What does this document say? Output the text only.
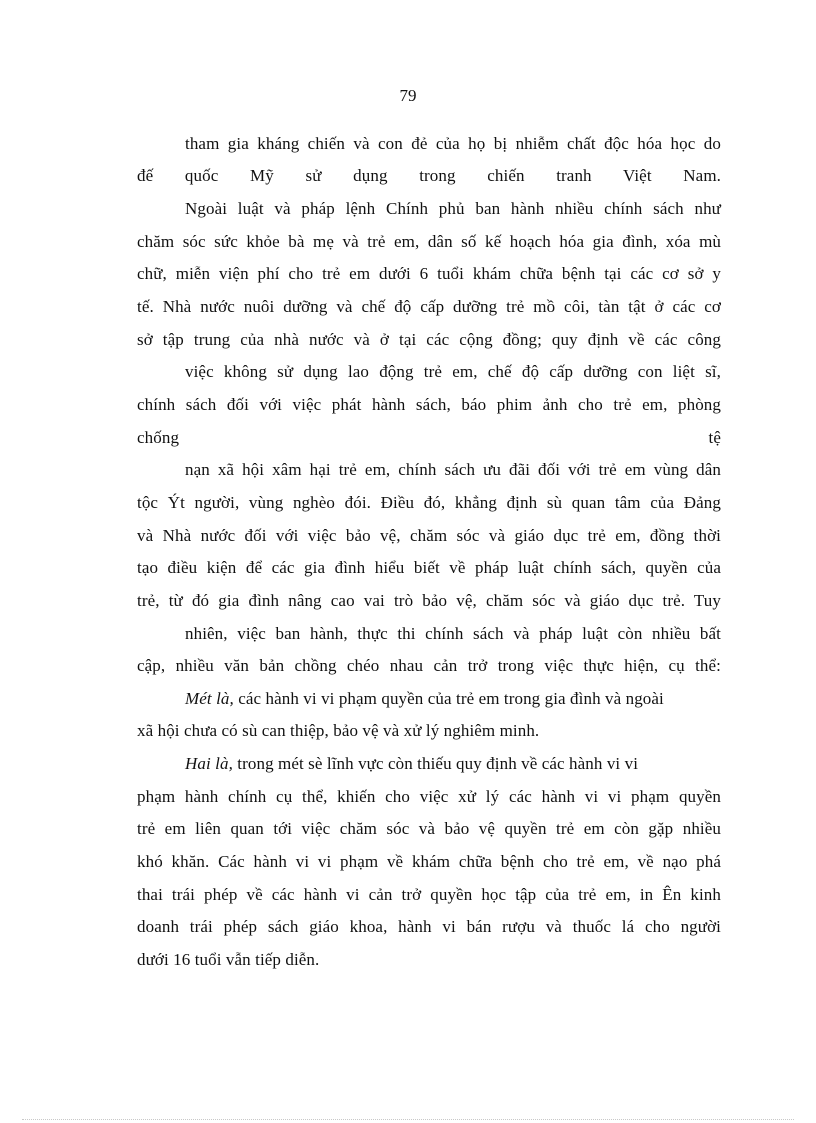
79
tham gia kháng chiến và con đẻ của họ bị nhiễm chất độc hóa học do
đế quốc Mỹ sử dụng trong chiến tranh Việt Nam.
Ngoài luật và pháp lệnh Chính phủ ban hành nhiều chính sách như
chăm sóc sức khỏe bà mẹ và trẻ em, dân số kế hoạch hóa gia đình, xóa mù
chữ, miễn viện phí cho trẻ em dưới 6 tuổi khám chữa bệnh tại các cơ sở y
tế. Nhà nước nuôi dưỡng và chế độ cấp dưỡng trẻ mồ côi, tàn tật ở các cơ
sở tập trung của nhà nước và ở tại các cộng đồng; quy định về các công
việc không sử dụng lao động trẻ em, chế độ cấp dưỡng con liệt sĩ,
chính sách đối với việc phát hành sách, báo phim ảnh cho trẻ em, phòng
chống tệ
nạn xã hội xâm hại trẻ em, chính sách ưu đãi đối với trẻ em vùng dân
tộc Ýt người, vùng nghèo đói. Điều đó, khẳng định sù quan tâm của Đảng
và Nhà nước đối với việc bảo vệ, chăm sóc và giáo dục trẻ em, đồng thời
tạo điều kiện để các gia đình hiểu biết về pháp luật chính sách, quyền của
trẻ, từ đó gia đình nâng cao vai trò bảo vệ, chăm sóc và giáo dục trẻ. Tuy
nhiên, việc ban hành, thực thi chính sách và pháp luật còn nhiều bất
cập, nhiều văn bản chồng chéo nhau cản trở trong việc thực hiện, cụ thể:
Mét là, các hành vi vi phạm quyền của trẻ em trong gia đình và ngoài
xã hội chưa có sù can thiệp, bảo vệ và xử lý nghiêm minh.
Hai là, trong mét sè lĩnh vực còn thiếu quy định về các hành vi vi
phạm hành chính cụ thể, khiến cho việc xử lý các hành vi vi phạm quyền
trẻ em liên quan tới việc chăm sóc và bảo vệ quyền trẻ em còn gặp nhiều
khó khăn. Các hành vi vi phạm về khám chữa bệnh cho trẻ em, về nạo phá
thai trái phép về các hành vi cản trở quyền học tập của trẻ em, in Ên kinh
doanh trái phép sách giáo khoa, hành vi bán rượu và thuốc lá cho người
dưới 16 tuổi vẫn tiếp diễn.
